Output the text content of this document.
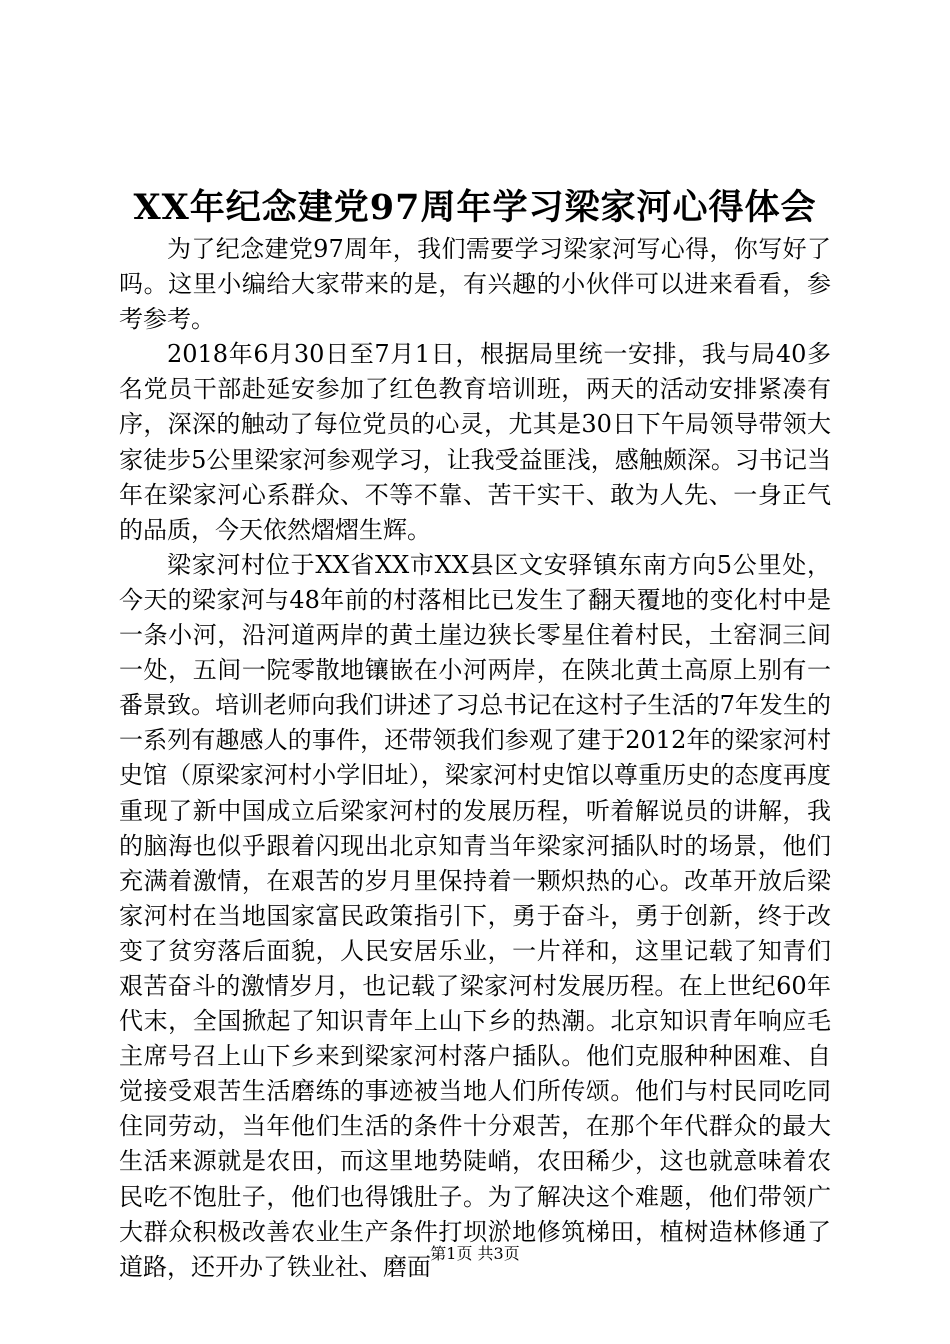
XX年纪念建党97周年学习梁家河心得体会

为了纪念建党97周年，我们需要学习梁家河写心得，你写好了吗。这里小编给大家带来的是，有兴趣的小伙伴可以进来看看，参考参考。

2018年6月30日至7月1日，根据局里统一安排，我与局40多名党员干部赴延安参加了红色教育培训班，两天的活动安排紧凑有序，深深的触动了每位党员的心灵，尤其是30日下午局领导带领大家徒步5公里梁家河参观学习，让我受益匪浅，感触颇深。习书记当年在梁家河心系群众、不等不靠、苦干实干、敢为人先、一身正气的品质，今天依然熠熠生辉。

梁家河村位于XX省XX市XX县区文安驿镇东南方向5公里处，今天的梁家河与48年前的村落相比已发生了翻天覆地的变化村中是一条小河，沿河道两岸的黄土崖边狭长零星住着村民，土窑洞三间一处，五间一院零散地镶嵌在小河两岸，在陕北黄土高原上别有一番景致。培训老师向我们讲述了习总书记在这村子生活的7年发生的一系列有趣感人的事件，还带领我们参观了建于2012年的梁家河村史馆（原梁家河村小学旧址），梁家河村史馆以尊重历史的态度再度重现了新中国成立后梁家河村的发展历程，听着解说员的讲解，我的脑海也似乎跟着闪现出北京知青当年梁家河插队时的场景，他们充满着激情，在艰苦的岁月里保持着一颗炽热的心。改革开放后梁家河村在当地国家富民政策指引下，勇于奋斗，勇于创新，终于改变了贫穷落后面貌，人民安居乐业，一片祥和，这里记载了知青们艰苦奋斗的激情岁月，也记载了梁家河村发展历程。在上世纪60年代末，全国掀起了知识青年上山下乡的热潮。北京知识青年响应毛主席号召上山下乡来到梁家河村落户插队。他们克服种种困难、自觉接受艰苦生活磨练的事迹被当地人们所传颂。他们与村民同吃同住同劳动，当年他们生活的条件十分艰苦，在那个年代群众的最大生活来源就是农田，而这里地势陡峭，农田稀少，这也就意味着农民吃不饱肚子，他们也得饿肚子。为了解决这个难题，他们带领广大群众积极改善农业生产条件打坝淤地修筑梯田，植树造林修通了道路，还开办了铁业社、磨面 第1页 共3页
